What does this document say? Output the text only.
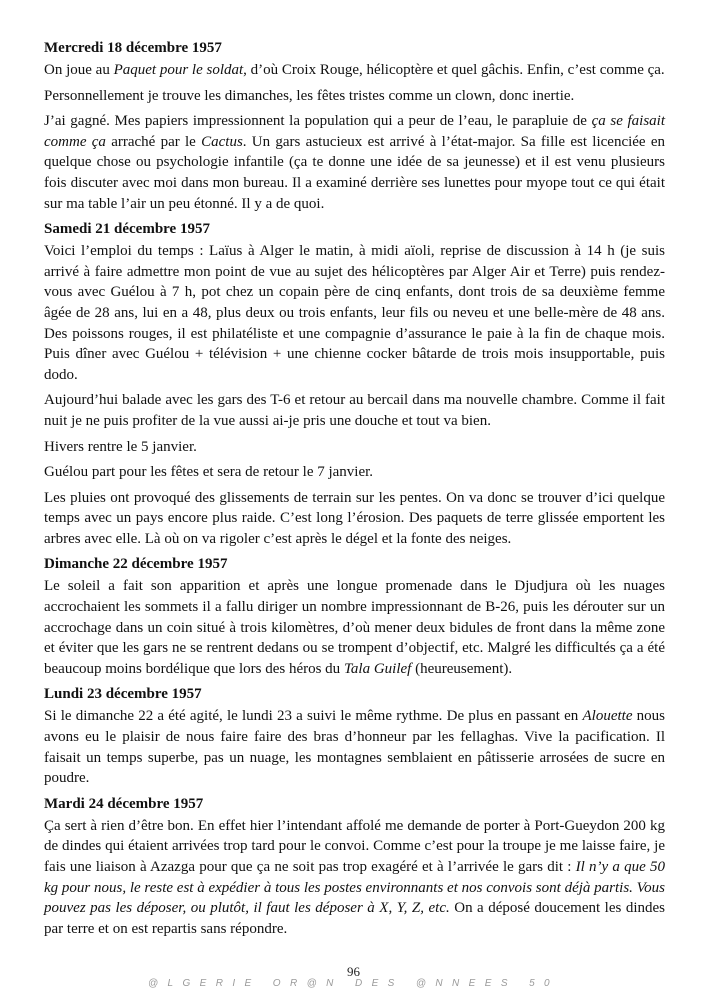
Mercredi 18 décembre 1957

On joue au Paquet pour le soldat, d’où Croix Rouge, hélicoptère et quel gâchis. Enfin, c’est comme ça.

Personnellement je trouve les dimanches, les fêtes tristes comme un clown, donc inertie.

J’ai gagné. Mes papiers impressionnent la population qui a peur de l’eau, le parapluie de ça se faisait comme ça arraché par le Cactus. Un gars astucieux est arrivé à l’état-major. Sa fille est licenciée en quelque chose ou psychologie infantile (ça te donne une idée de sa jeunesse) et il est venu plusieurs fois discuter avec moi dans mon bureau. Il a examiné derrière ses lunettes pour myope tout ce qui était sur ma table l’air un peu étonné. Il y a de quoi.

Samedi 21 décembre 1957

Voici l’emploi du temps : Laïus à Alger le matin, à midi aïoli, reprise de discussion à 14 h (je suis arrivé à faire admettre mon point de vue au sujet des hélicoptères par Alger Air et Terre) puis rendez-vous avec Guélou à 7 h, pot chez un copain père de cinq enfants, dont trois de sa deuxième femme âgée de 28 ans, lui en a 48, plus deux ou trois enfants, leur fils ou neveu et une belle-mère de 48 ans. Des poissons rouges, il est philatéliste et une compagnie d’assurance le paie à la fin de chaque mois. Puis dîner avec Guélou + télévision + une chienne cocker bâtarde de trois mois insupportable, puis dodo.

Aujourd’hui balade avec les gars des T-6 et retour au bercail dans ma nouvelle chambre. Comme il fait nuit je ne puis profiter de la vue aussi ai-je pris une douche et tout va bien.

Hivers rentre le 5 janvier.

Guélou part pour les fêtes et sera de retour le 7 janvier.

Les pluies ont provoqué des glissements de terrain sur les pentes. On va donc se trouver d’ici quelque temps avec un pays encore plus raide. C’est long l’érosion. Des paquets de terre glissée emportent les arbres avec elle. Là où on va rigoler c’est après le dégel et la fonte des neiges.

Dimanche 22 décembre 1957

Le soleil a fait son apparition et après une longue promenade dans le Djudjura où les nuages accrochaient les sommets il a fallu diriger un nombre impressionnant de B-26, puis les dérouter sur un accrochage dans un coin situé à trois kilomètres, d’où mener deux bidules de front dans la même zone et éviter que les gars ne se rentrent dedans ou se trompent d’objectif, etc. Malgré les difficultés ça a été beaucoup moins bordélique que lors des héros du Tala Guilef (heureusement).

Lundi 23 décembre 1957

Si le dimanche 22 a été agité, le lundi 23 a suivi le même rythme. De plus en passant en Alouette nous avons eu le plaisir de nous faire faire des bras d’honneur par les fellaghas. Vive la pacification. Il faisait un temps superbe, pas un nuage, les montagnes semblaient en pâtisserie arrosées de sucre en poudre.

Mardi 24 décembre 1957

Ça sert à rien d’être bon. En effet hier l’intendant affolé me demande de porter à Port-Gueydon 200 kg de dindes qui étaient arrivées trop tard pour le convoi. Comme c’est pour la troupe je me laisse faire, je fais une liaison à Azazga pour que ça ne soit pas trop exagéré et à l’arrivée le gars dit : Il n’y a que 50 kg pour nous, le reste est à expédier à tous les postes environnants et nos convois sont déjà partis. Vous pouvez pas les déposer, ou plutôt, il faut les déposer à X, Y, Z, etc. On a déposé doucement les dindes par terre et on est repartis sans répondre.

96
@LGERIE OR@N DES @NNEES 50
